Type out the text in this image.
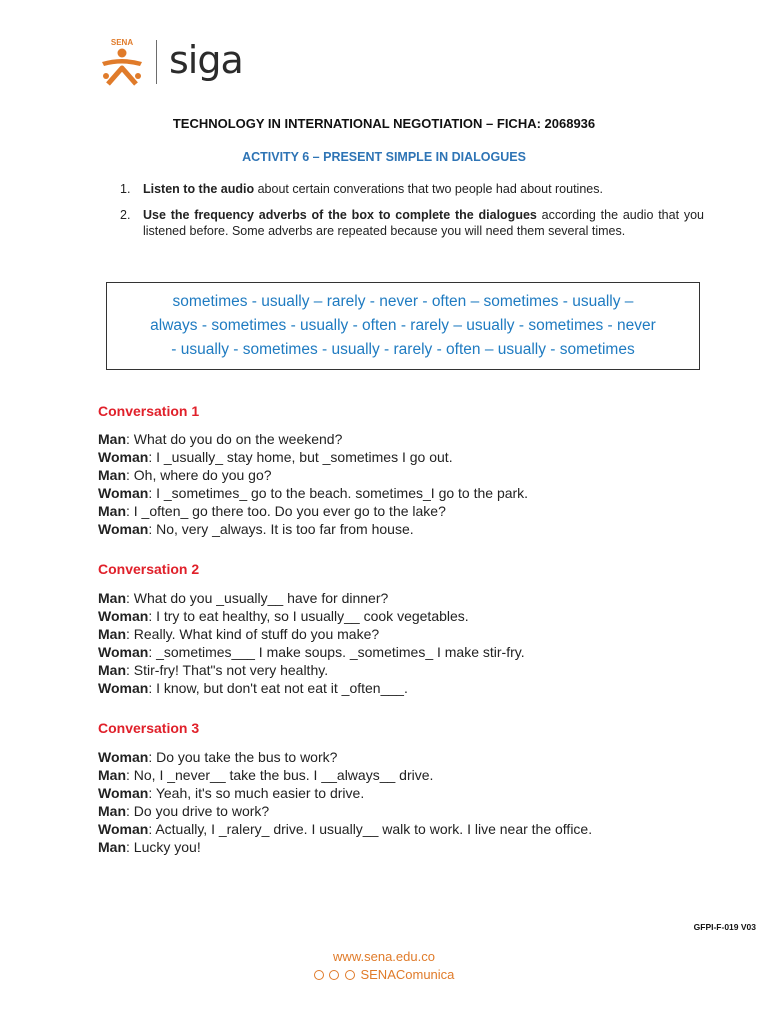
SENA siga
TECHNOLOGY IN INTERNATIONAL NEGOTIATION – FICHA: 2068936
ACTIVITY 6 – PRESENT SIMPLE IN DIALOGUES
1. Listen to the audio about certain converations that two people had about routines.
2. Use the frequency adverbs of the box to complete the dialogues according the audio that you listened before. Some adverbs are repeated because you will need them several times.
sometimes - usually – rarely - never - often – sometimes - usually –
always - sometimes - usually - often - rarely – usually - sometimes - never
- usually - sometimes - usually - rarely - often – usually - sometimes
Conversation 1
Man: What do you do on the weekend?
Woman: I _usually_ stay home, but _sometimes I go out.
Man: Oh, where do you go?
Woman: I _sometimes_ go to the beach. sometimes_I go to the park.
Man: I _often_ go there too. Do you ever go to the lake?
Woman: No, very _always. It is too far from house.
Conversation 2
Man: What do you _usually__ have for dinner?
Woman: I try to eat healthy, so I usually__ cook vegetables.
Man: Really. What kind of stuff do you make?
Woman: _sometimes___ I make soups. _sometimes_ I make stir-fry.
Man: Stir-fry! That"s not very healthy.
Woman: I know, but don't eat not eat it _often___.
Conversation 3
Woman: Do you take the bus to work?
Man: No, I _never__ take the bus. I __always__ drive.
Woman: Yeah, it's so much easier to drive.
Man: Do you drive to work?
Woman: Actually, I _ralery_ drive. I usually__ walk to work. I live near the office.
Man: Lucky you!
GFPI-F-019 V03
www.sena.edu.co
SENAComunica
